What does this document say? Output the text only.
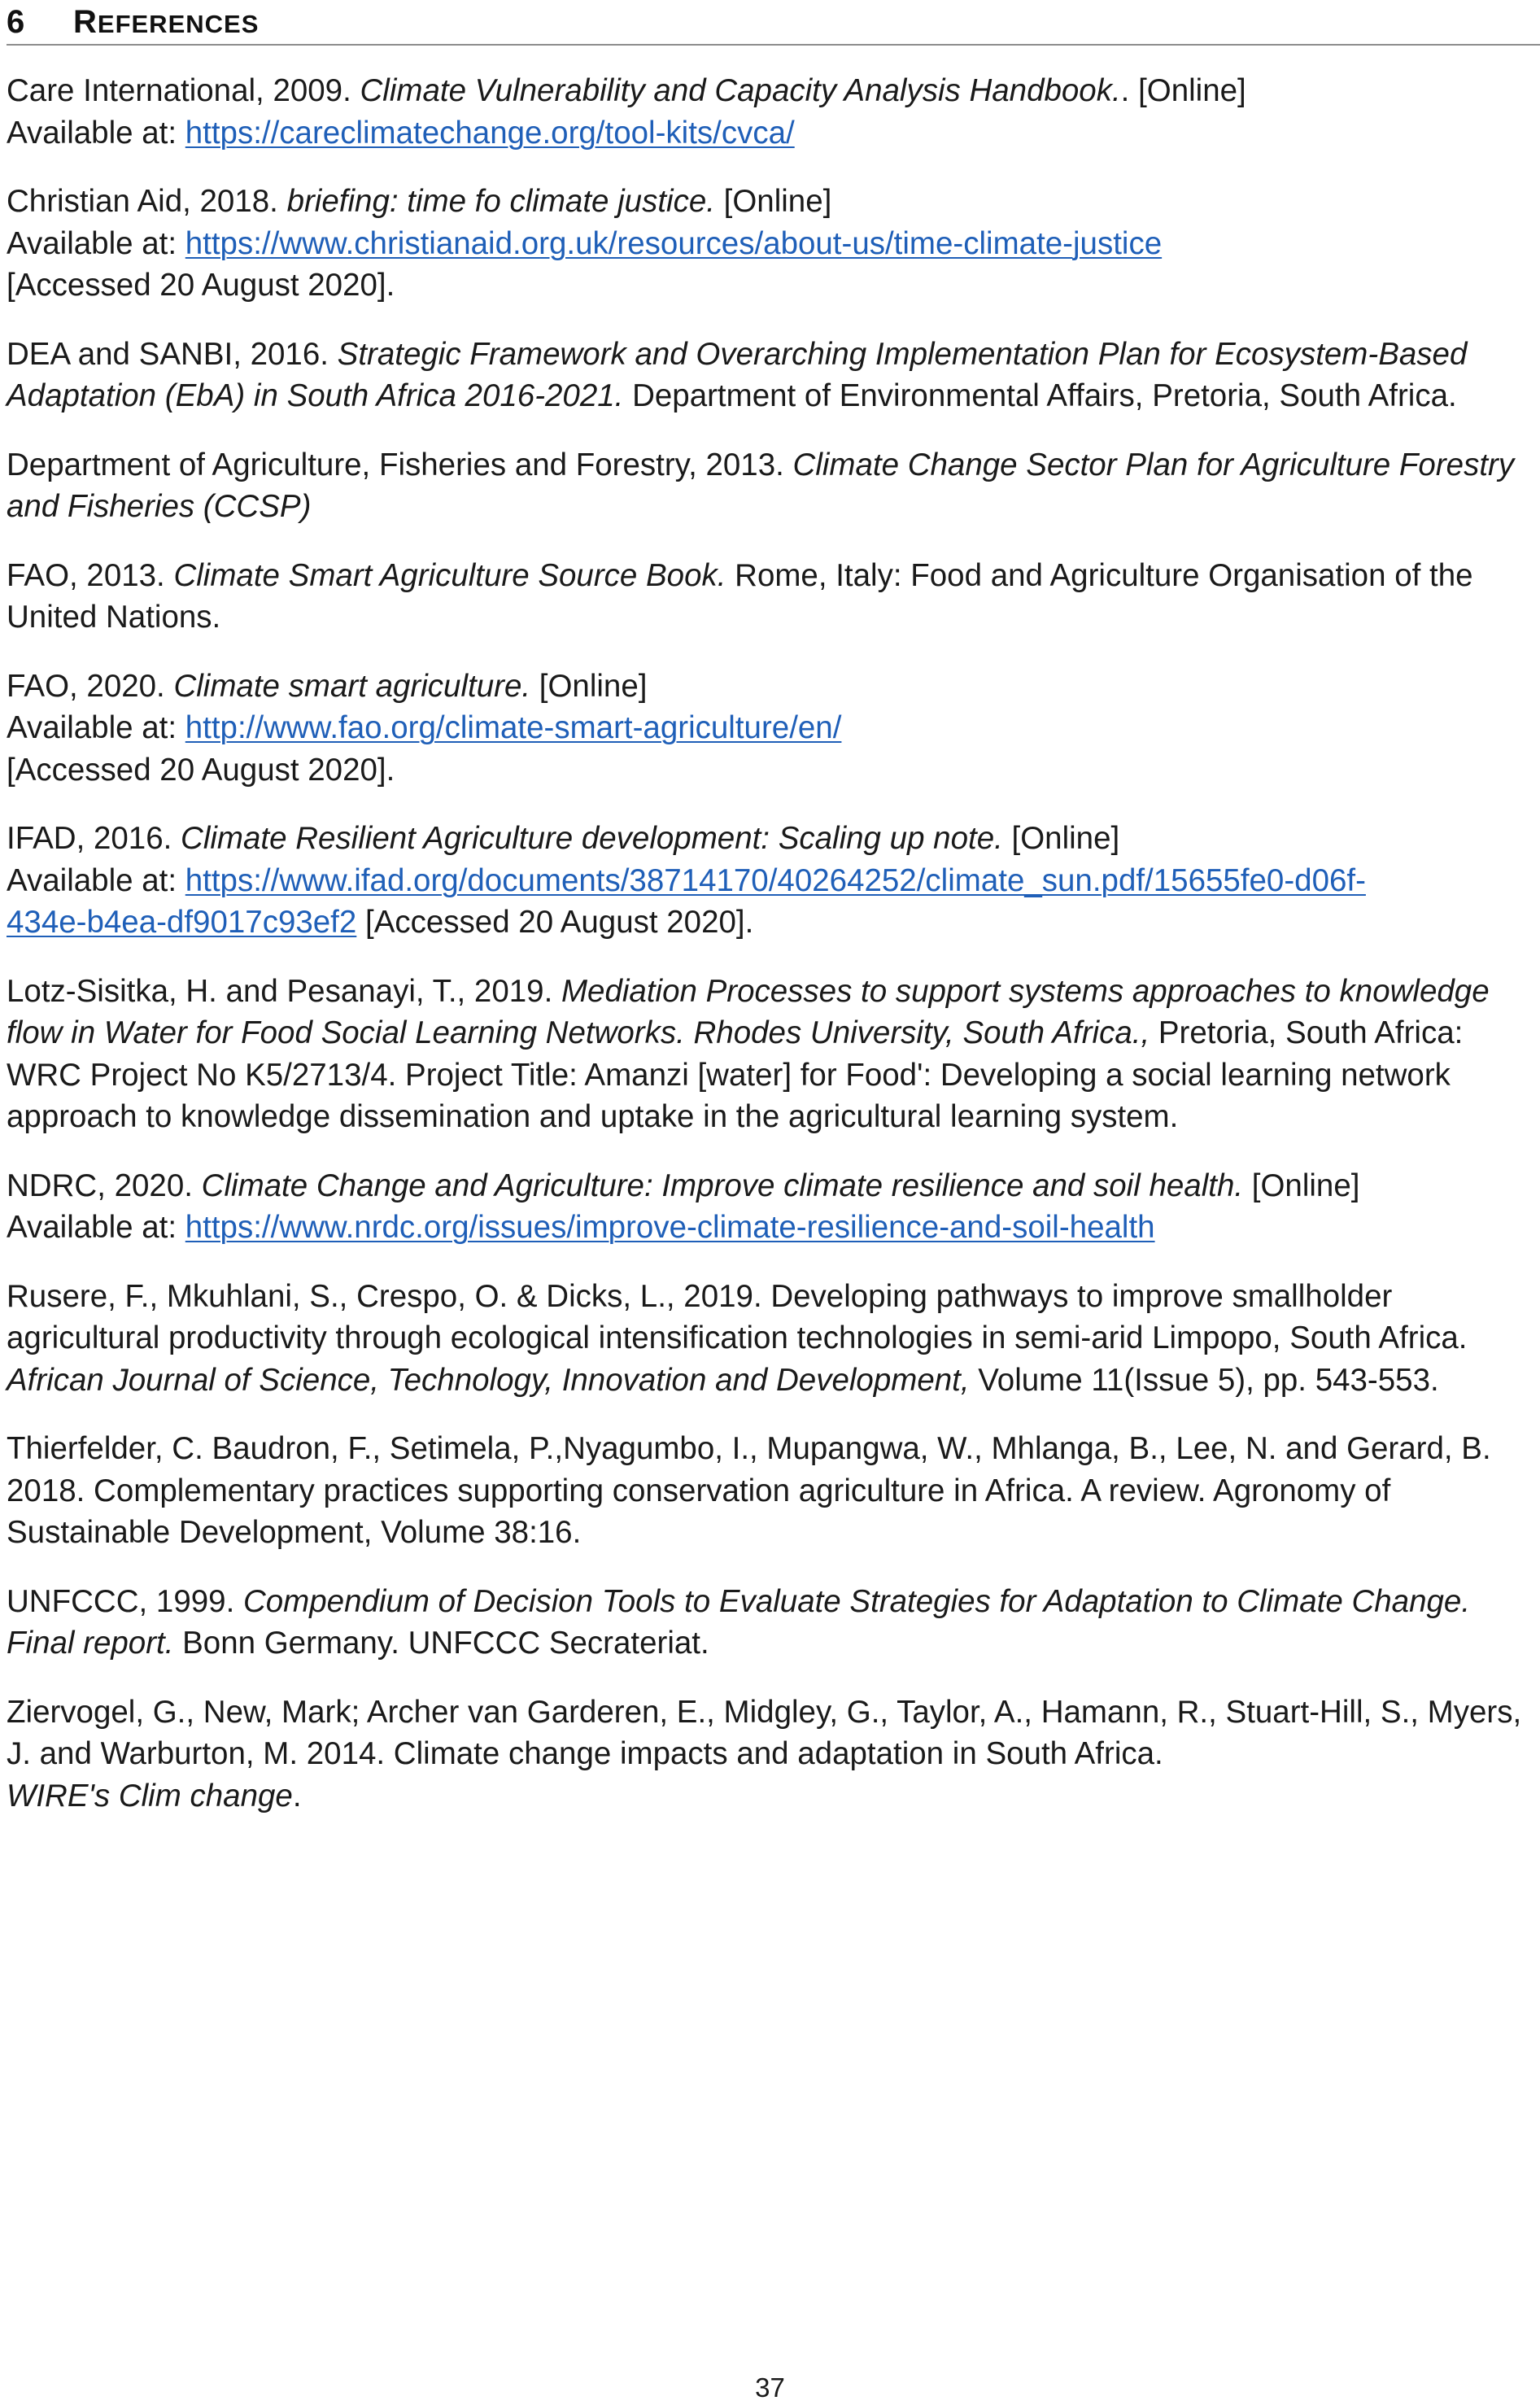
6	REFERENCES
Care International, 2009. Climate Vulnerability and Capacity Analysis Handbook.. [Online]
Available at: https://careclimatechange.org/tool-kits/cvca/
Christian Aid, 2018. briefing: time fo climate justice. [Online]
Available at: https://www.christianaid.org.uk/resources/about-us/time-climate-justice
[Accessed 20 August 2020].
DEA and SANBI, 2016. Strategic Framework and Overarching Implementation Plan for Ecosystem-Based Adaptation (EbA) in South Africa 2016-2021. Department of Environmental Affairs, Pretoria, South Africa.
Department of Agriculture, Fisheries and Forestry, 2013. Climate Change Sector Plan for Agriculture Forestry and Fisheries (CCSP)
FAO, 2013. Climate Smart Agriculture Source Book. Rome, Italy: Food and Agriculture Organisation of the United Nations.
FAO, 2020. Climate smart agriculture. [Online]
Available at: http://www.fao.org/climate-smart-agriculture/en/
[Accessed 20 August 2020].
IFAD, 2016. Climate Resilient Agriculture development: Scaling up note. [Online]
Available at: https://www.ifad.org/documents/38714170/40264252/climate_sun.pdf/15655fe0-d06f-
434e-b4ea-df9017c93ef2 [Accessed 20 August 2020].
Lotz-Sisitka, H. and Pesanayi, T., 2019. Mediation Processes to support systems approaches to knowledge flow in Water for Food Social Learning Networks. Rhodes University, South Africa., Pretoria, South Africa: WRC Project No K5/2713/4. Project Title: Amanzi [water] for Food': Developing a social learning network approach to knowledge dissemination and uptake in the agricultural learning system.
NDRC, 2020. Climate Change and Agriculture: Improve climate resilience and soil health. [Online]
Available at: https://www.nrdc.org/issues/improve-climate-resilience-and-soil-health
Rusere, F., Mkuhlani, S., Crespo, O. & Dicks, L., 2019. Developing pathways to improve smallholder agricultural productivity through ecological intensification technologies in semi-arid Limpopo, South Africa. African Journal of Science, Technology, Innovation and Development, Volume 11(Issue 5), pp. 543-553.
Thierfelder, C. Baudron, F., Setimela, P.,Nyagumbo, I., Mupangwa, W., Mhlanga, B., Lee, N. and Gerard, B. 2018. Complementary practices supporting conservation agriculture in Africa. A review. Agronomy of Sustainable Development, Volume 38:16.
UNFCCC, 1999. Compendium of Decision Tools to Evaluate Strategies for Adaptation to Climate Change. Final report. Bonn Germany. UNFCCC Secrateriat.
Ziervogel, G., New, Mark; Archer van Garderen, E., Midgley, G., Taylor, A., Hamann, R., Stuart-Hill, S., Myers, J. and Warburton, M. 2014. Climate change impacts and adaptation in South Africa.
WIRE's Clim change.
37
